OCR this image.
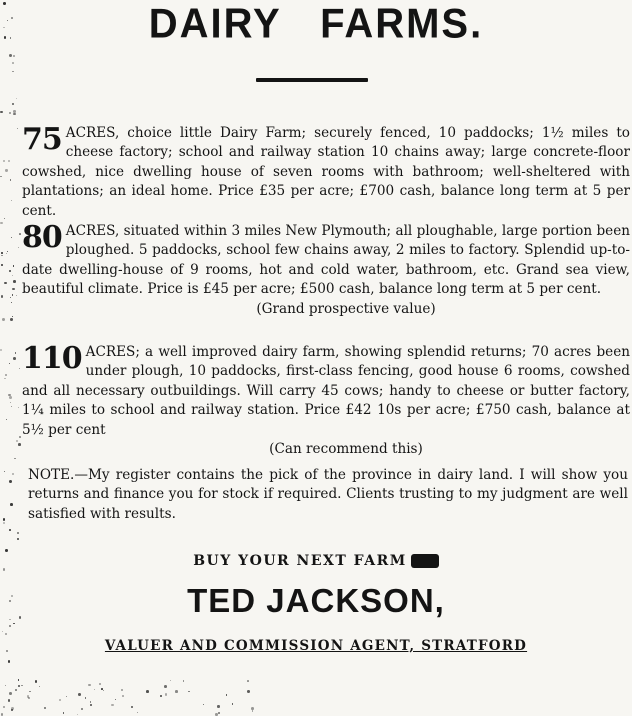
DAIRY FARMS.
75 ACRES, choice little Dairy Farm; securely fenced, 10 paddocks; 1½ miles to cheese factory; school and railway station 10 chains away; large concrete-floor cowshed, nice dwelling house of seven rooms with bathroom; well-sheltered with plantations; an ideal home. Price £35 per acre; £700 cash, balance long term at 5 per cent.

80 ACRES, situated within 3 miles New Plymouth; all ploughable, large portion been ploughed. 5 paddocks, school few chains away, 2 miles to factory. Splendid up-to-date dwelling-house of 9 rooms, hot and cold water, bathroom, etc. Grand sea view, beautiful climate. Price is £45 per acre; £500 cash, balance long term at 5 per cent.

(Grand prospective value)

110 ACRES; a well improved dairy farm, showing splendid returns; 70 acres been under plough, 10 paddocks, first-class fencing, good house 6 rooms, cowshed and all necessary outbuildings. Will carry 45 cows; handy to cheese or butter factory, 1¼ miles to school and railway station. Price £42 10s per acre; £750 cash, balance at 5½ per cent

(Can recommend this)

NOTE.—My register contains the pick of the province in dairy land. I will show you returns and finance you for stock if required. Clients trusting to my judgment are well satisfied with results.

BUY YOUR NEXT FARM
TED JACKSON,
VALUER AND COMMISSION AGENT, STRATFORD
